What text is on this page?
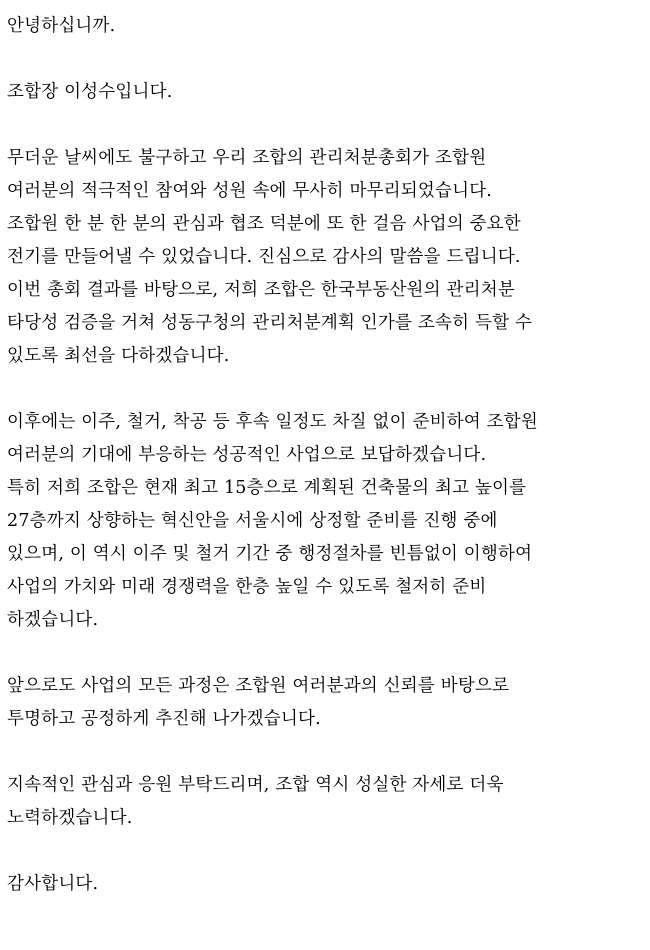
안녕하십니까.
조합장 이성수입니다.
무더운 날씨에도 불구하고 우리 조합의 관리처분총회가 조합원
여러분의 적극적인 참여와 성원 속에 무사히 마무리되었습니다.
조합원 한 분 한 분의 관심과 협조 덕분에 또 한 걸음 사업의 중요한
전기를 만들어낼 수 있었습니다. 진심으로 감사의 말씀을 드립니다.
이번 총회 결과를 바탕으로, 저희 조합은 한국부동산원의 관리처분
타당성 검증을 거쳐 성동구청의 관리처분계획 인가를 조속히 득할 수
있도록 최선을 다하겠습니다.
이후에는 이주, 철거, 착공 등 후속 일정도 차질 없이 준비하여 조합원
여러분의 기대에 부응하는 성공적인 사업으로 보답하겠습니다.
특히 저희 조합은 현재 최고 15층으로 계획된 건축물의 최고 높이를
27층까지 상향하는 혁신안을 서울시에 상정할 준비를 진행 중에
있으며, 이 역시 이주 및 철거 기간 중 행정절차를 빈틈없이 이행하여
사업의 가치와 미래 경쟁력을 한층 높일 수 있도록 철저히 준비
하겠습니다.
앞으로도 사업의 모든 과정은 조합원 여러분과의 신뢰를 바탕으로
투명하고 공정하게 추진해 나가겠습니다.
지속적인 관심과 응원 부탁드리며, 조합 역시 성실한 자세로 더욱
노력하겠습니다.
감사합니다.
